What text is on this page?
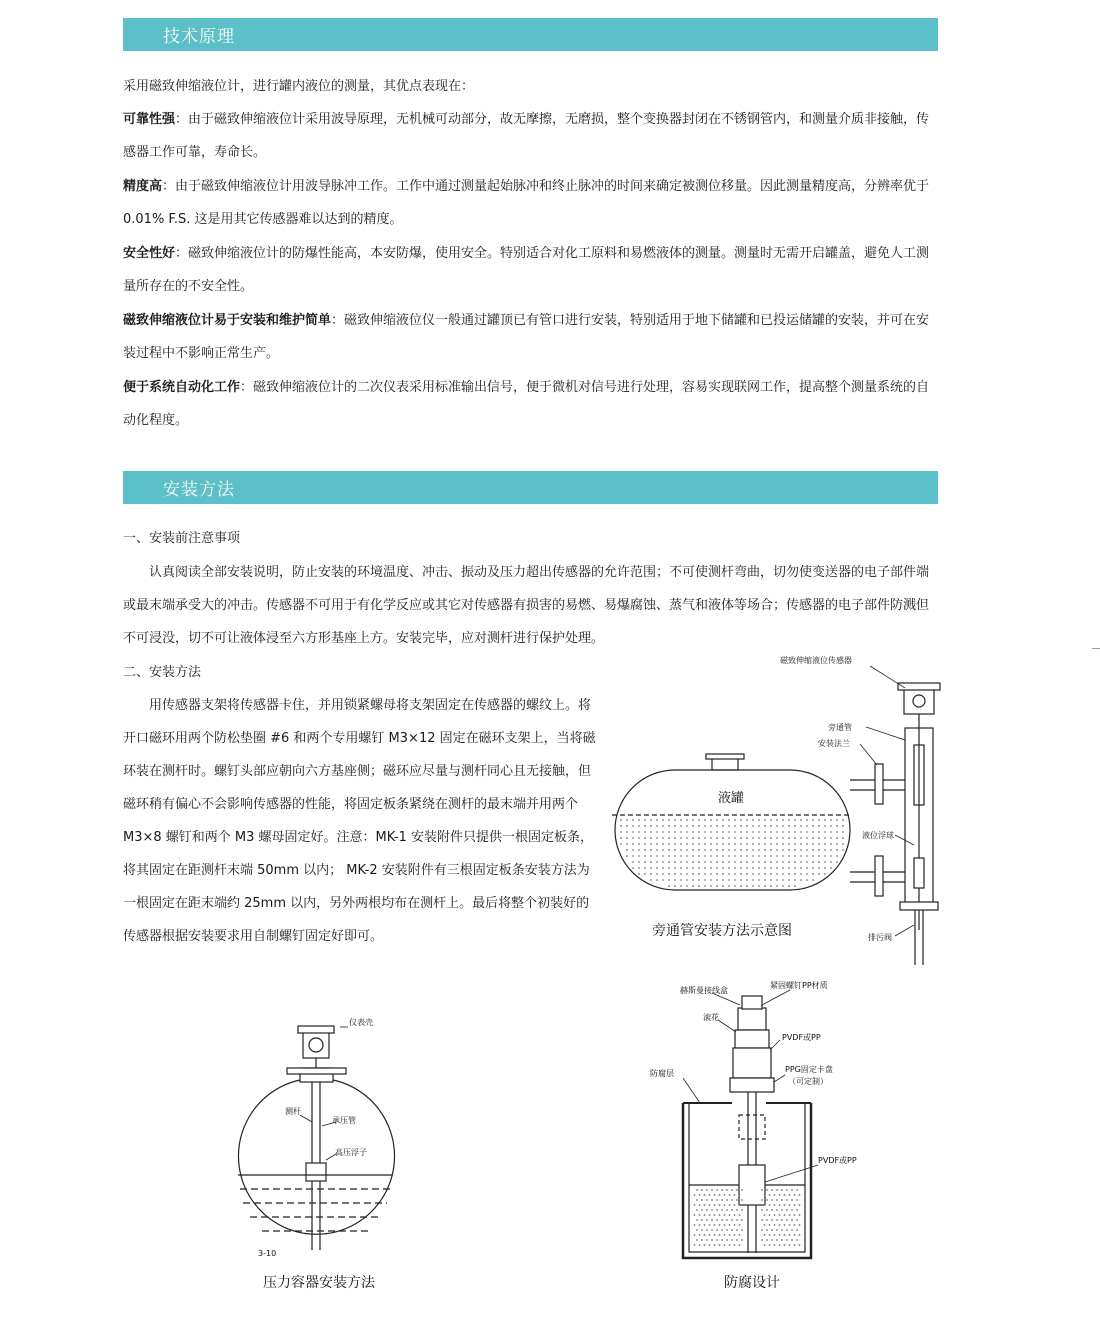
技术原理
采用磁致伸缩液位计，进行罐内液位的测量，其优点表现在：
可靠性强：由于磁致伸缩液位计采用波导原理，无机械可动部分，故无摩擦，无磨损，整个变换器封闭在不锈钢管内，和测量介质非接触，传感器工作可靠，寿命长。
精度高：由于磁致伸缩液位计用波导脉冲工作。工作中通过测量起始脉冲和终止脉冲的时间来确定被测位移量。因此测量精度高，分辨率优于0.01% F.S. 这是用其它传感器难以达到的精度。
安全性好：磁致伸缩液位计的防爆性能高，本安防爆，使用安全。特别适合对化工原料和易燃液体的测量。测量时无需开启罐盖，避免人工测量所存在的不安全性。
磁致伸缩液位计易于安装和维护简单：磁致伸缩液位仪一般通过罐顶已有管口进行安装，特别适用于地下储罐和已投运储罐的安装，并可在安装过程中不影响正常生产。
便于系统自动化工作：磁致伸缩液位计的二次仪表采用标准输出信号，便于微机对信号进行处理，容易实现联网工作，提高整个测量系统的自动化程度。
安装方法
一、安装前注意事项
认真阅读全部安装说明，防止安装的环境温度、冲击、振动及压力超出传感器的允许范围；不可使测杆弯曲，切勿使变送器的电子部件端或最末端承受大的冲击。传感器不可用于有化学反应或其它对传感器有损害的易燃、易爆腐蚀、蒸气和液体等场合；传感器的电子部件防溅但不可浸没，切不可让液体浸至六方形基座上方。安装完毕，应对测杆进行保护处理。
二、安装方法
用传感器支架将传感器卡住，并用锁紧螺母将支架固定在传感器的螺纹上。将开口磁环用两个防松垫圈 #6 和两个专用螺钉 M3×12 固定在磁环支架上，当将磁环装在测杆时。螺钉头部应朝向六方基座侧；磁环应尽量与测杆同心且无接触，但磁环稍有偏心不会影响传感器的性能，将固定板条紧绕在测杆的最末端并用两个 M3×8 螺钉和两个 M3 螺母固定好。注意：MK-1 安装附件只提供一根固定板条，将其固定在距测杆末端 50mm 以内； MK-2 安装附件有三根固定板条安装方法为一根固定在距末端约 25mm 以内，另外两根均布在测杆上。最后将整个初装好的传感器根据安装要求用自制螺钉固定好即可。
磁致伸缩液位传感器
旁通管
安装法兰
液罐
液位浮球
排污阀
旁通管安装方法示意图
仪表壳
测杆
承压管
高压浮子
3-10
压力容器安装方法
赫斯曼接线盒
紧固螺钉PP材质
滚花
PVDF或PP
防腐层	PPG固定卡盘
（可定制）
PVDF或PP
防腐设计
